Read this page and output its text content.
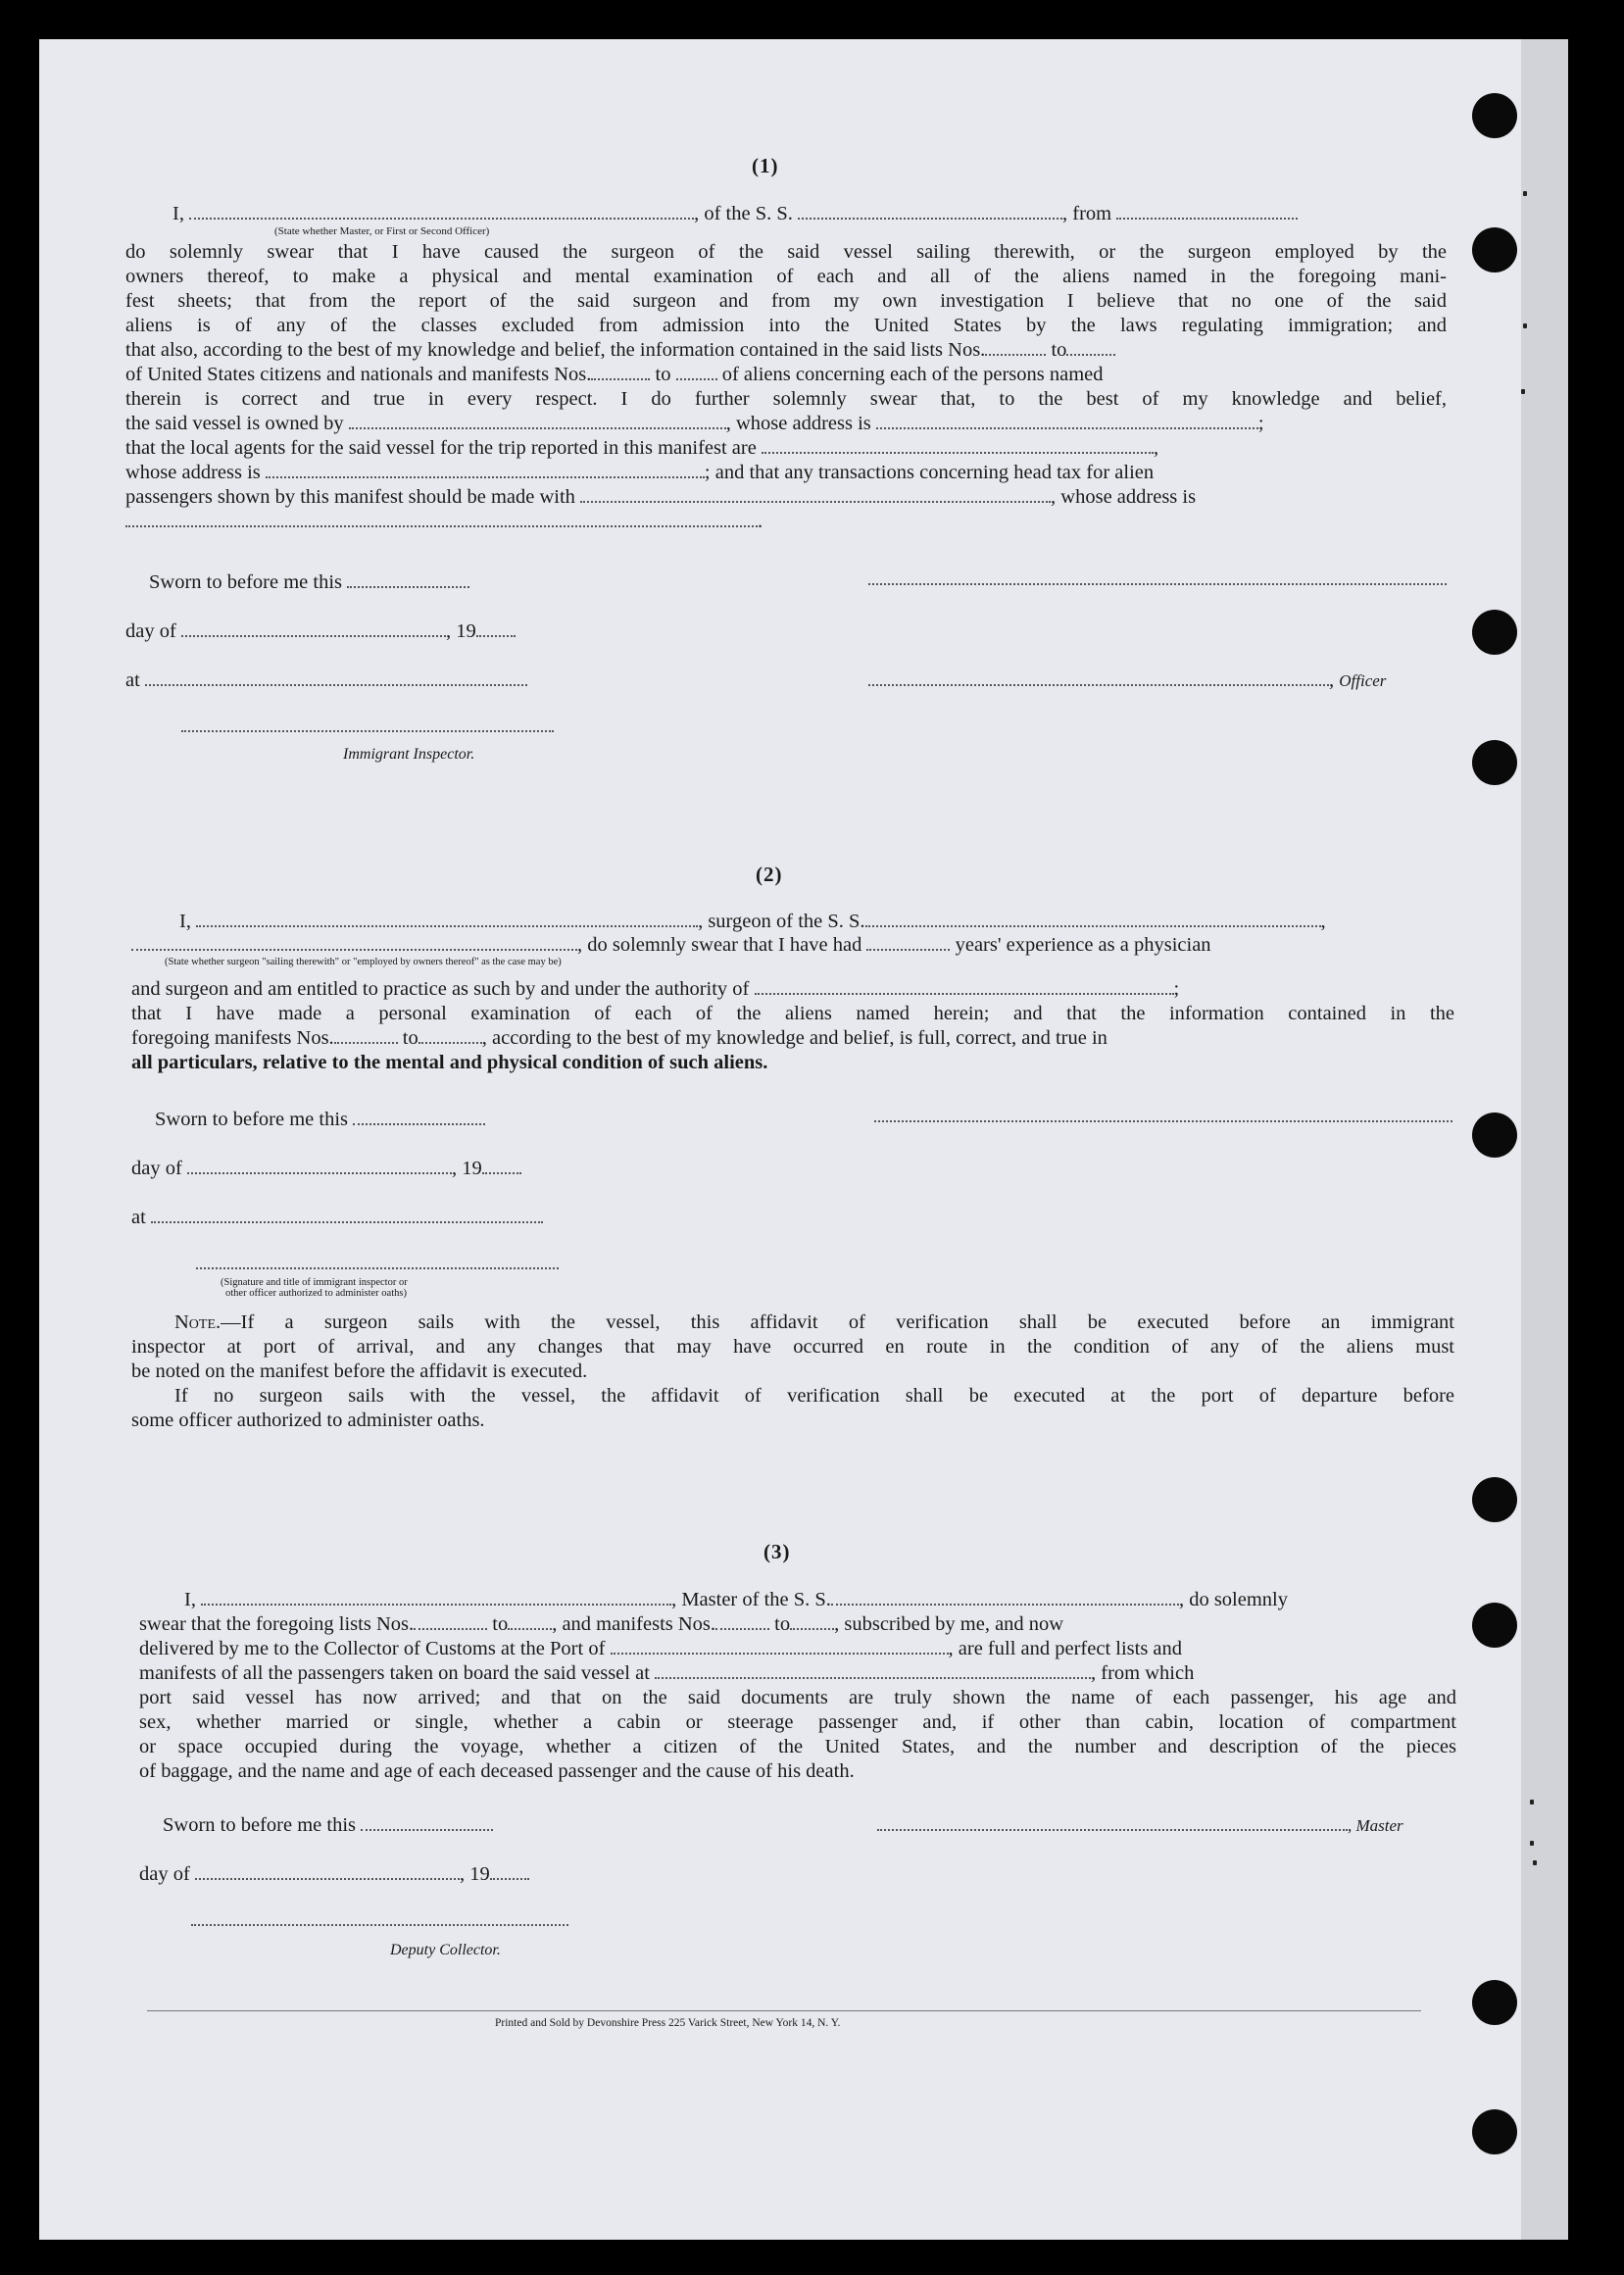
(1)
I,	, of the S. S.	, from
(State whether Master, or First or Second Officer)
do solemnly swear that I have caused the surgeon of the said vessel sailing therewith, or the surgeon employed by the
owners thereof, to make a physical and mental examination of each and all of the aliens named in the foregoing mani-
fest sheets; that from the report of the said surgeon and from my own investigation I believe that no one of the said
aliens is of any of the classes excluded from admission into the United States by the laws regulating immigration; and
that also, according to the best of my knowledge and belief, the information contained in the said lists Nos.	to
of United States citizens and nationals and manifests Nos.	to	of aliens concerning each of the persons named
therein is correct and true in every respect. I do further solemnly swear that, to the best of my knowledge and belief,
the said vessel is owned by	, whose address is	;
that the local agents for the said vessel for the trip reported in this manifest are	,
whose address is	; and that any transactions concerning head tax for alien
passengers shown by this manifest should be made with	, whose address is
.
Sworn to before me this
day of	, 19
at	, Officer
Immigrant Inspector.
(2)
I,	, surgeon of the S. S.	,
, do solemnly swear that I have had	years' experience as a physician
(State whether surgeon "sailing therewith" or "employed by owners thereof" as the case may be)
and surgeon and am entitled to practice as such by and under the authority of	;
that I have made a personal examination of each of the aliens named herein; and that the information contained in the
foregoing manifests Nos.	to	, according to the best of my knowledge and belief, is full, correct, and true in
all particulars, relative to the mental and physical condition of such aliens.
Sworn to before me this
day of	, 19
at
(Signature and title of immigrant inspector or
other officer authorized to administer oaths)
Note.—If a surgeon sails with the vessel, this affidavit of verification shall be executed before an immigrant
inspector at port of arrival, and any changes that may have occurred en route in the condition of any of the aliens must
be noted on the manifest before the affidavit is executed.
If no surgeon sails with the vessel, the affidavit of verification shall be executed at the port of departure before
some officer authorized to administer oaths.
(3)
I,	, Master of the S. S.	, do solemnly
swear that the foregoing lists Nos.	to , and manifests Nos.	to , subscribed by me, and now
delivered by me to the Collector of Customs at the Port of	, are full and perfect lists and
manifests of all the passengers taken on board the said vessel at	, from which
port said vessel has now arrived; and that on the said documents are truly shown the name of each passenger, his age and
sex, whether married or single, whether a cabin or steerage passenger and, if other than cabin, location of compartment
or space occupied during the voyage, whether a citizen of the United States, and the number and description of the pieces
of baggage, and the name and age of each deceased passenger and the cause of his death.
Sworn to before me this	, Master
day of	, 19
Deputy Collector.
Printed and Sold by Devonshire Press 225 Varick Street, New York 14, N. Y.
